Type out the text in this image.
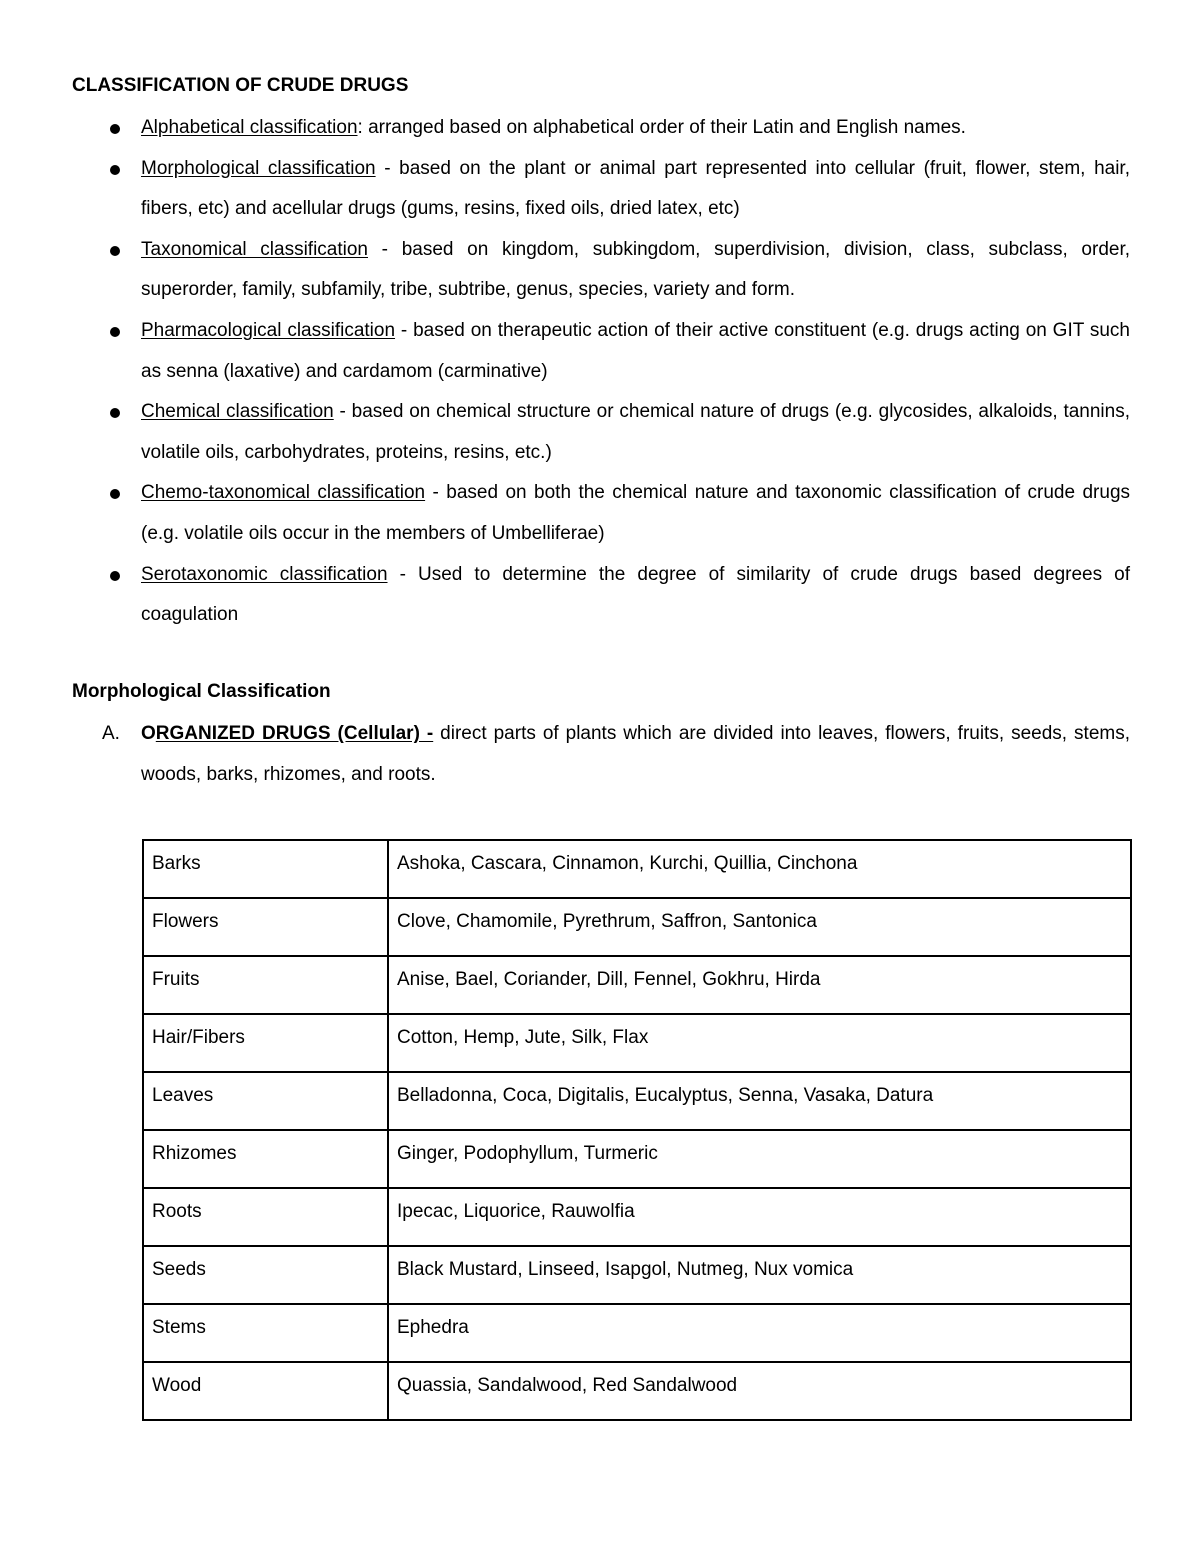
CLASSIFICATION OF CRUDE DRUGS
Alphabetical classification: arranged based on alphabetical order of their Latin and English names.
Morphological classification - based on the plant or animal part represented into cellular (fruit, flower, stem, hair, fibers, etc) and acellular drugs (gums, resins, fixed oils, dried latex, etc)
Taxonomical classification - based on kingdom, subkingdom, superdivision, division, class, subclass, order, superorder, family, subfamily, tribe, subtribe, genus, species, variety and form.
Pharmacological classification - based on therapeutic action of their active constituent (e.g. drugs acting on GIT such as senna (laxative) and cardamom (carminative)
Chemical classification - based on chemical structure or chemical nature of drugs (e.g. glycosides, alkaloids, tannins, volatile oils, carbohydrates, proteins, resins, etc.)
Chemo-taxonomical classification - based on both the chemical nature and taxonomic classification of crude drugs (e.g. volatile oils occur in the members of Umbelliferae)
Serotaxonomic classification - Used to determine the degree of similarity of crude drugs based degrees of coagulation
Morphological Classification
A. ORGANIZED DRUGS (Cellular) - direct parts of plants which are divided into leaves, flowers, fruits, seeds, stems, woods, barks, rhizomes, and roots.
Barks	Ashoka, Cascara, Cinnamon, Kurchi, Quillia, Cinchona
Flowers	Clove, Chamomile, Pyrethrum, Saffron, Santonica
Fruits	Anise, Bael, Coriander, Dill, Fennel, Gokhru, Hirda
Hair/Fibers	Cotton, Hemp, Jute, Silk, Flax
Leaves	Belladonna, Coca, Digitalis, Eucalyptus, Senna, Vasaka, Datura
Rhizomes	Ginger, Podophyllum, Turmeric
Roots	Ipecac, Liquorice, Rauwolfia
Seeds	Black Mustard, Linseed, Isapgol, Nutmeg, Nux vomica
Stems	Ephedra
Wood	Quassia, Sandalwood, Red Sandalwood
